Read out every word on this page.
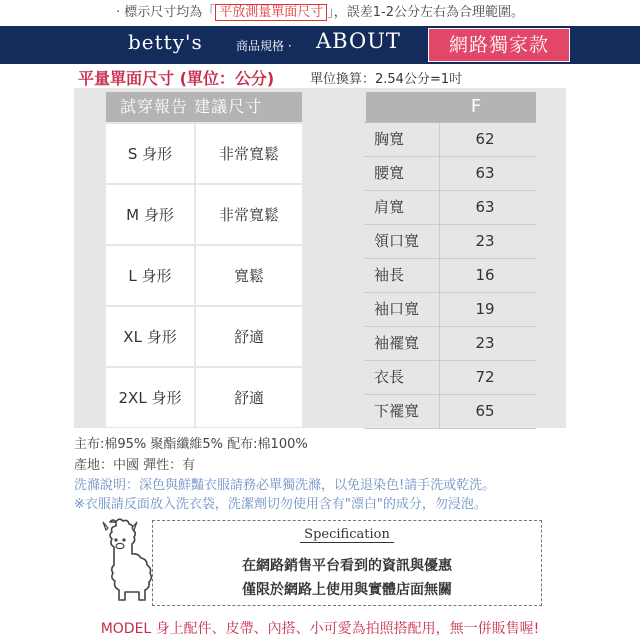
· 標示尺寸均為「 平放測量單面尺寸 」，誤差1-2公分左右為合理範圍。
betty's	商品規格 · ABOUT	網路獨家款
平量單面尺寸 (單位：公分)	單位換算：2.54公分=1吋
試穿報告 建議尺寸
S 身形	非常寬鬆
M 身形	非常寬鬆
L 身形	寬鬆
XL 身形	舒適
2XL 身形	舒適
F
胸寬	62
腰寬	63
肩寬	63
領口寬	23
袖長	16
袖口寬	19
袖襬寬	23
衣長	72
下襬寬	65
主布:棉95% 聚酯纖維5% 配布:棉100%
產地：中國 彈性：有
洗滌說明：深色與鮮豔衣服請務必單獨洗滌，以免退染色!請手洗或乾洗。
※衣服請反面放入洗衣袋，洗潔劑切勿使用含有"漂白"的成分，勿浸泡。
Specification
在網路銷售平台看到的資訊與優惠
僅限於網路上使用與實體店面無關
MODEL 身上配件、皮帶、內搭、小可愛為拍照搭配用，無一併販售喔!
